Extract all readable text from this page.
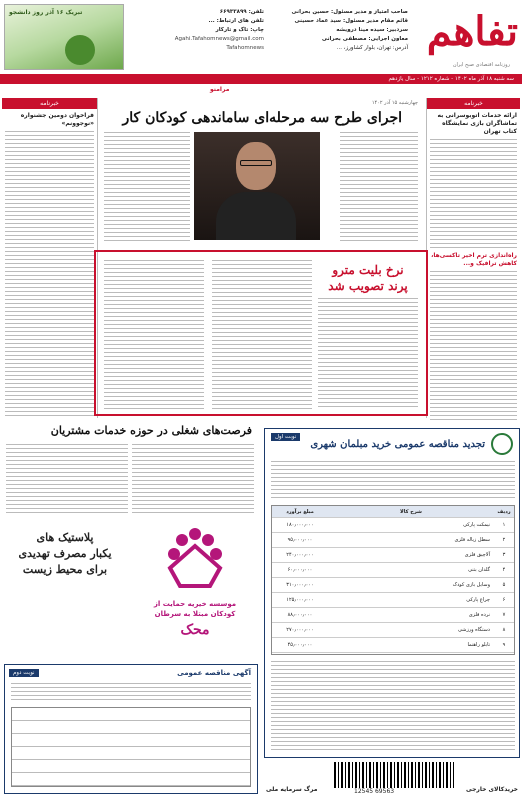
تفاهم
روزنامه اقتصادی صبح ایران
صاحب امتیاز و مدیر مسئول: حسین بحرانی
قائم مقام مدیر مسئول: سید عماد حسینی
سردبیر: سیده مینا درویشه
معاون اجرایی: مصطفی بحرانی
آدرس: تهران، بلوار کشاورز، ...
تلفن: ۶۶۹۳۳۸۹۹
تلفن های ارتباط: ...
چاپ: تاک و تارکار
Agahi.Tafahomnews@gmail.com
Tafahomnews
تبریک ۱۶ آذر روز دانشجو
سه شنبه ۱۸ آذر ماه ۱۴۰۲ - شماره ۱۲۱۲ - سال یازدهم
مرامنو
خبرنامه
ارائه خدمات اتوبوسرانی به تماشاگران بازی نمایشگاه کتاب تهران
راه‌اندازی ترم اخیر تاکسی‌ها، کاهش ترافیک و...
خبرنامه
فراخوان دومین جشنواره «نوجوونم»
چهارشنبه ۱۵ آذر ۱۴۰۲
اجرای طرح سه مرحله‌ای ساماندهی کودکان کار
نرخ بلیت مترو
پرند تصویب شد
فرصت‌های شغلی در حوزه خدمات مشتریان	نوبت اول
تجدید مناقصه عمومی خرید مبلمان شهری
ردیف
شرح کالا
مبلغ برآورد
۱
نیمکت پارکی
۱۸۰٫۰۰۰٫۰۰۰
۲
سطل زباله فلزی
۹۵٫۰۰۰٫۰۰۰
۳
آلاچیق فلزی
۲۴۰٫۰۰۰٫۰۰۰
۴
گلدان بتنی
۶۰٫۰۰۰٫۰۰۰
۵
وسایل بازی کودک
۳۱۰٫۰۰۰٫۰۰۰
۶
چراغ پارکی
۱۲۵٫۰۰۰٫۰۰۰
۷
نرده فلزی
۸۸٫۰۰۰٫۰۰۰
۸
دستگاه ورزشی
۲۷۰٫۰۰۰٫۰۰۰
۹
تابلو راهنما
۴۵٫۰۰۰٫۰۰۰
پلاستیک های
یکبار مصرف تهدیدی
برای محیط زیست
موسسه خیریه حمایت از
کودکان مبتلا به سرطان
محک
نوبت دوم	آگهی مناقصه عمومی
12545 69563
مرگ سرمایه ملی	خریدکالای خارجی
